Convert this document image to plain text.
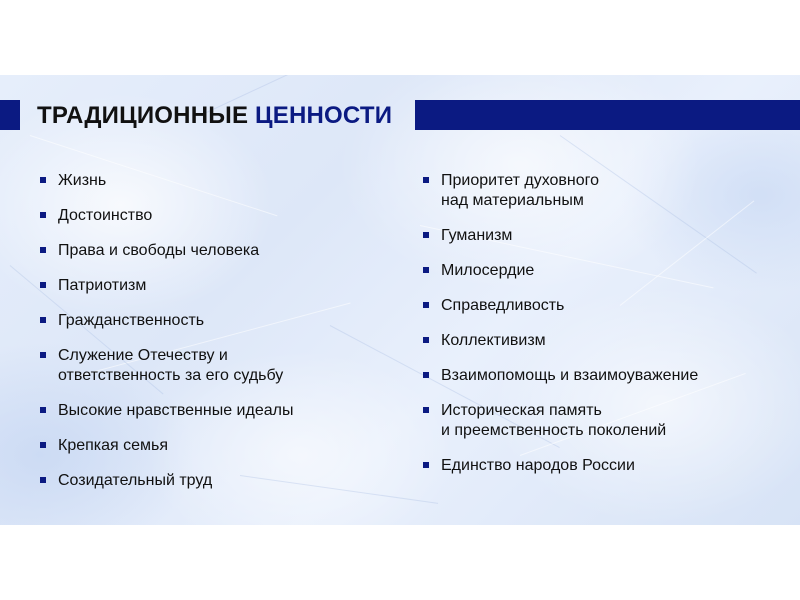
ТРАДИЦИОННЫЕ ЦЕННОСТИ
Жизнь
Достоинство
Права и свободы человека
Патриотизм
Гражданственность
Служение Отечеству и
ответственность за его судьбу
Высокие нравственные идеалы
Крепкая семья
Созидательный труд
Приоритет духовного
над материальным
Гуманизм
Милосердие
Справедливость
Коллективизм
Взаимопомощь и взаимоуважение
Историческая память
и преемственность поколений
Единство народов России
